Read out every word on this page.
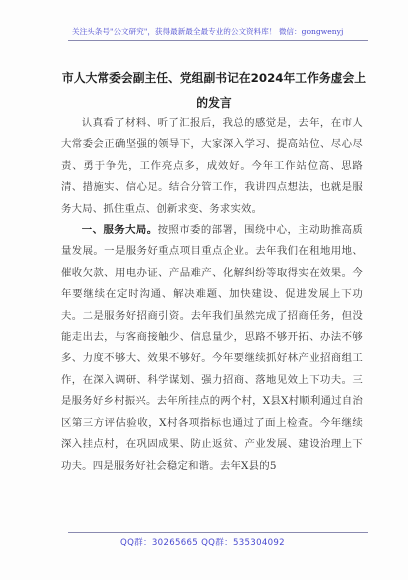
关注头条号"公文研究"，获得最新最全最专业的公文资料库！ 微信：gongwenyj
市人大常委会副主任、党组副书记在2024年工作务虚会上
的发言

认真看了材料、听了汇报后，我总的感觉是，去年，在市人大常委会正确坚强的领导下，大家深入学习、提高站位、尽心尽责、勇于争先，工作亮点多，成效好。今年工作站位高、思路清、措施实、信心足。结合分管工作，我讲四点想法，也就是服务大局、抓住重点、创新求变、务求实效。

一、服务大局。按照市委的部署，围绕中心，主动助推高质量发展。一是服务好重点项目重点企业。去年我们在租地用地、催收欠款、用电办证、产品难产、化解纠纷等取得实在效果。今年要继续在定时沟通、解决难题、加快建设、促进发展上下功夫。二是服务好招商引资。去年我们虽然完成了招商任务，但没能走出去，与客商接触少、信息量少，思路不够开拓、办法不够多、力度不够大、效果不够好。今年要继续抓好林产业招商组工作，在深入调研、科学谋划、强力招商、落地见效上下功夫。三是服务好乡村振兴。去年所挂点的两个村，X县X村顺利通过自治区第三方评估验收，X村各项指标也通过了面上检查。今年继续深入挂点村，在巩固成果、防止返贫、产业发展、建设治理上下功夫。四是服务好社会稳定和谐。去年X县的5

QQ群：30265665 QQ群：535304092
